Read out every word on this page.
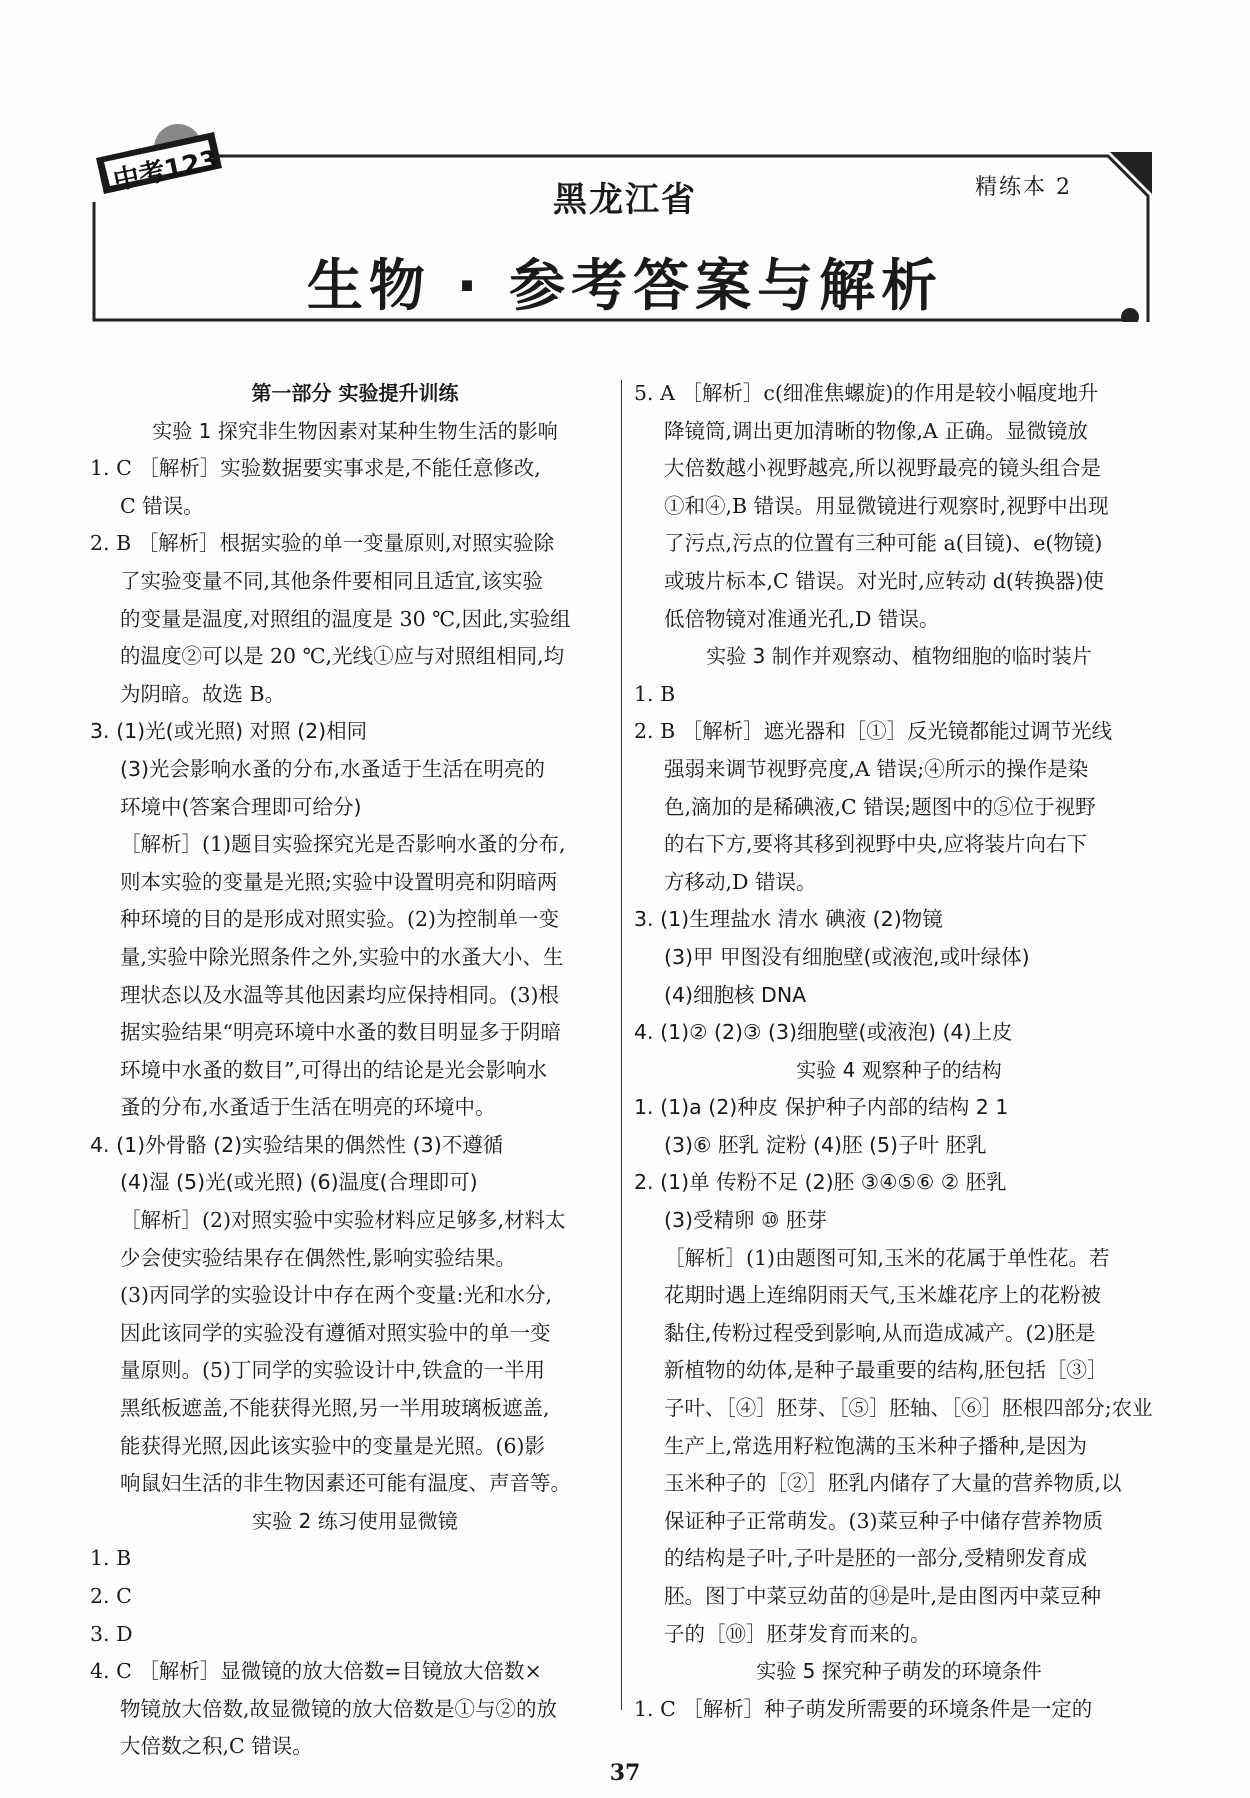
中考123
黑龙江省	精练本 2
生物 · 参考答案与解析

第一部分 实验提升训练

实验 1 探究非生物因素对某种生物生活的影响

1. C ［解析］实验数据要实事求是,不能任意修改,

C 错误。

2. B ［解析］根据实验的单一变量原则,对照实验除

了实验变量不同,其他条件要相同且适宜,该实验

的变量是温度,对照组的温度是 30 ℃,因此,实验组

的温度②可以是 20 ℃,光线①应与对照组相同,均

为阴暗。故选 B。

3. (1)光(或光照) 对照 (2)相同

(3)光会影响水蚤的分布,水蚤适于生活在明亮的

环境中(答案合理即可给分)

［解析］(1)题目实验探究光是否影响水蚤的分布,

则本实验的变量是光照;实验中设置明亮和阴暗两

种环境的目的是形成对照实验。(2)为控制单一变

量,实验中除光照条件之外,实验中的水蚤大小、生

理状态以及水温等其他因素均应保持相同。(3)根

据实验结果“明亮环境中水蚤的数目明显多于阴暗

环境中水蚤的数目”,可得出的结论是光会影响水

蚤的分布,水蚤适于生活在明亮的环境中。

4. (1)外骨骼 (2)实验结果的偶然性 (3)不遵循

(4)湿 (5)光(或光照) (6)温度(合理即可)

［解析］(2)对照实验中实验材料应足够多,材料太

少会使实验结果存在偶然性,影响实验结果。

(3)丙同学的实验设计中存在两个变量:光和水分,

因此该同学的实验没有遵循对照实验中的单一变

量原则。(5)丁同学的实验设计中,铁盒的一半用

黑纸板遮盖,不能获得光照,另一半用玻璃板遮盖,

能获得光照,因此该实验中的变量是光照。(6)影

响鼠妇生活的非生物因素还可能有温度、声音等。

实验 2 练习使用显微镜

1. B

2. C

3. D

4. C ［解析］显微镜的放大倍数=目镜放大倍数×

物镜放大倍数,故显微镜的放大倍数是①与②的放

大倍数之积,C 错误。

5. A ［解析］c(细准焦螺旋)的作用是较小幅度地升

降镜筒,调出更加清晰的物像,A 正确。显微镜放

大倍数越小视野越亮,所以视野最亮的镜头组合是

①和④,B 错误。用显微镜进行观察时,视野中出现

了污点,污点的位置有三种可能 a(目镜)、e(物镜)

或玻片标本,C 错误。对光时,应转动 d(转换器)使

低倍物镜对准通光孔,D 错误。

实验 3 制作并观察动、植物细胞的临时装片

1. B

2. B ［解析］遮光器和［①］反光镜都能过调节光线

强弱来调节视野亮度,A 错误;④所示的操作是染

色,滴加的是稀碘液,C 错误;题图中的⑤位于视野

的右下方,要将其移到视野中央,应将装片向右下

方移动,D 错误。

3. (1)生理盐水 清水 碘液 (2)物镜

(3)甲 甲图没有细胞壁(或液泡,或叶绿体)

(4)细胞核 DNA

4. (1)② (2)③ (3)细胞壁(或液泡) (4)上皮

实验 4 观察种子的结构

1. (1)a (2)种皮 保护种子内部的结构 2 1

(3)⑥ 胚乳 淀粉 (4)胚 (5)子叶 胚乳

2. (1)单 传粉不足 (2)胚 ③④⑤⑥ ② 胚乳

(3)受精卵 ⑩ 胚芽

［解析］(1)由题图可知,玉米的花属于单性花。若

花期时遇上连绵阴雨天气,玉米雄花序上的花粉被

黏住,传粉过程受到影响,从而造成减产。(2)胚是

新植物的幼体,是种子最重要的结构,胚包括［③］

子叶、［④］胚芽、［⑤］胚轴、［⑥］胚根四部分;农业

生产上,常选用籽粒饱满的玉米种子播种,是因为

玉米种子的［②］胚乳内储存了大量的营养物质,以

保证种子正常萌发。(3)菜豆种子中储存营养物质

的结构是子叶,子叶是胚的一部分,受精卵发育成

胚。图丁中菜豆幼苗的⑭是叶,是由图丙中菜豆种

子的［⑩］胚芽发育而来的。

实验 5 探究种子萌发的环境条件

1. C ［解析］种子萌发所需要的环境条件是一定的

37
